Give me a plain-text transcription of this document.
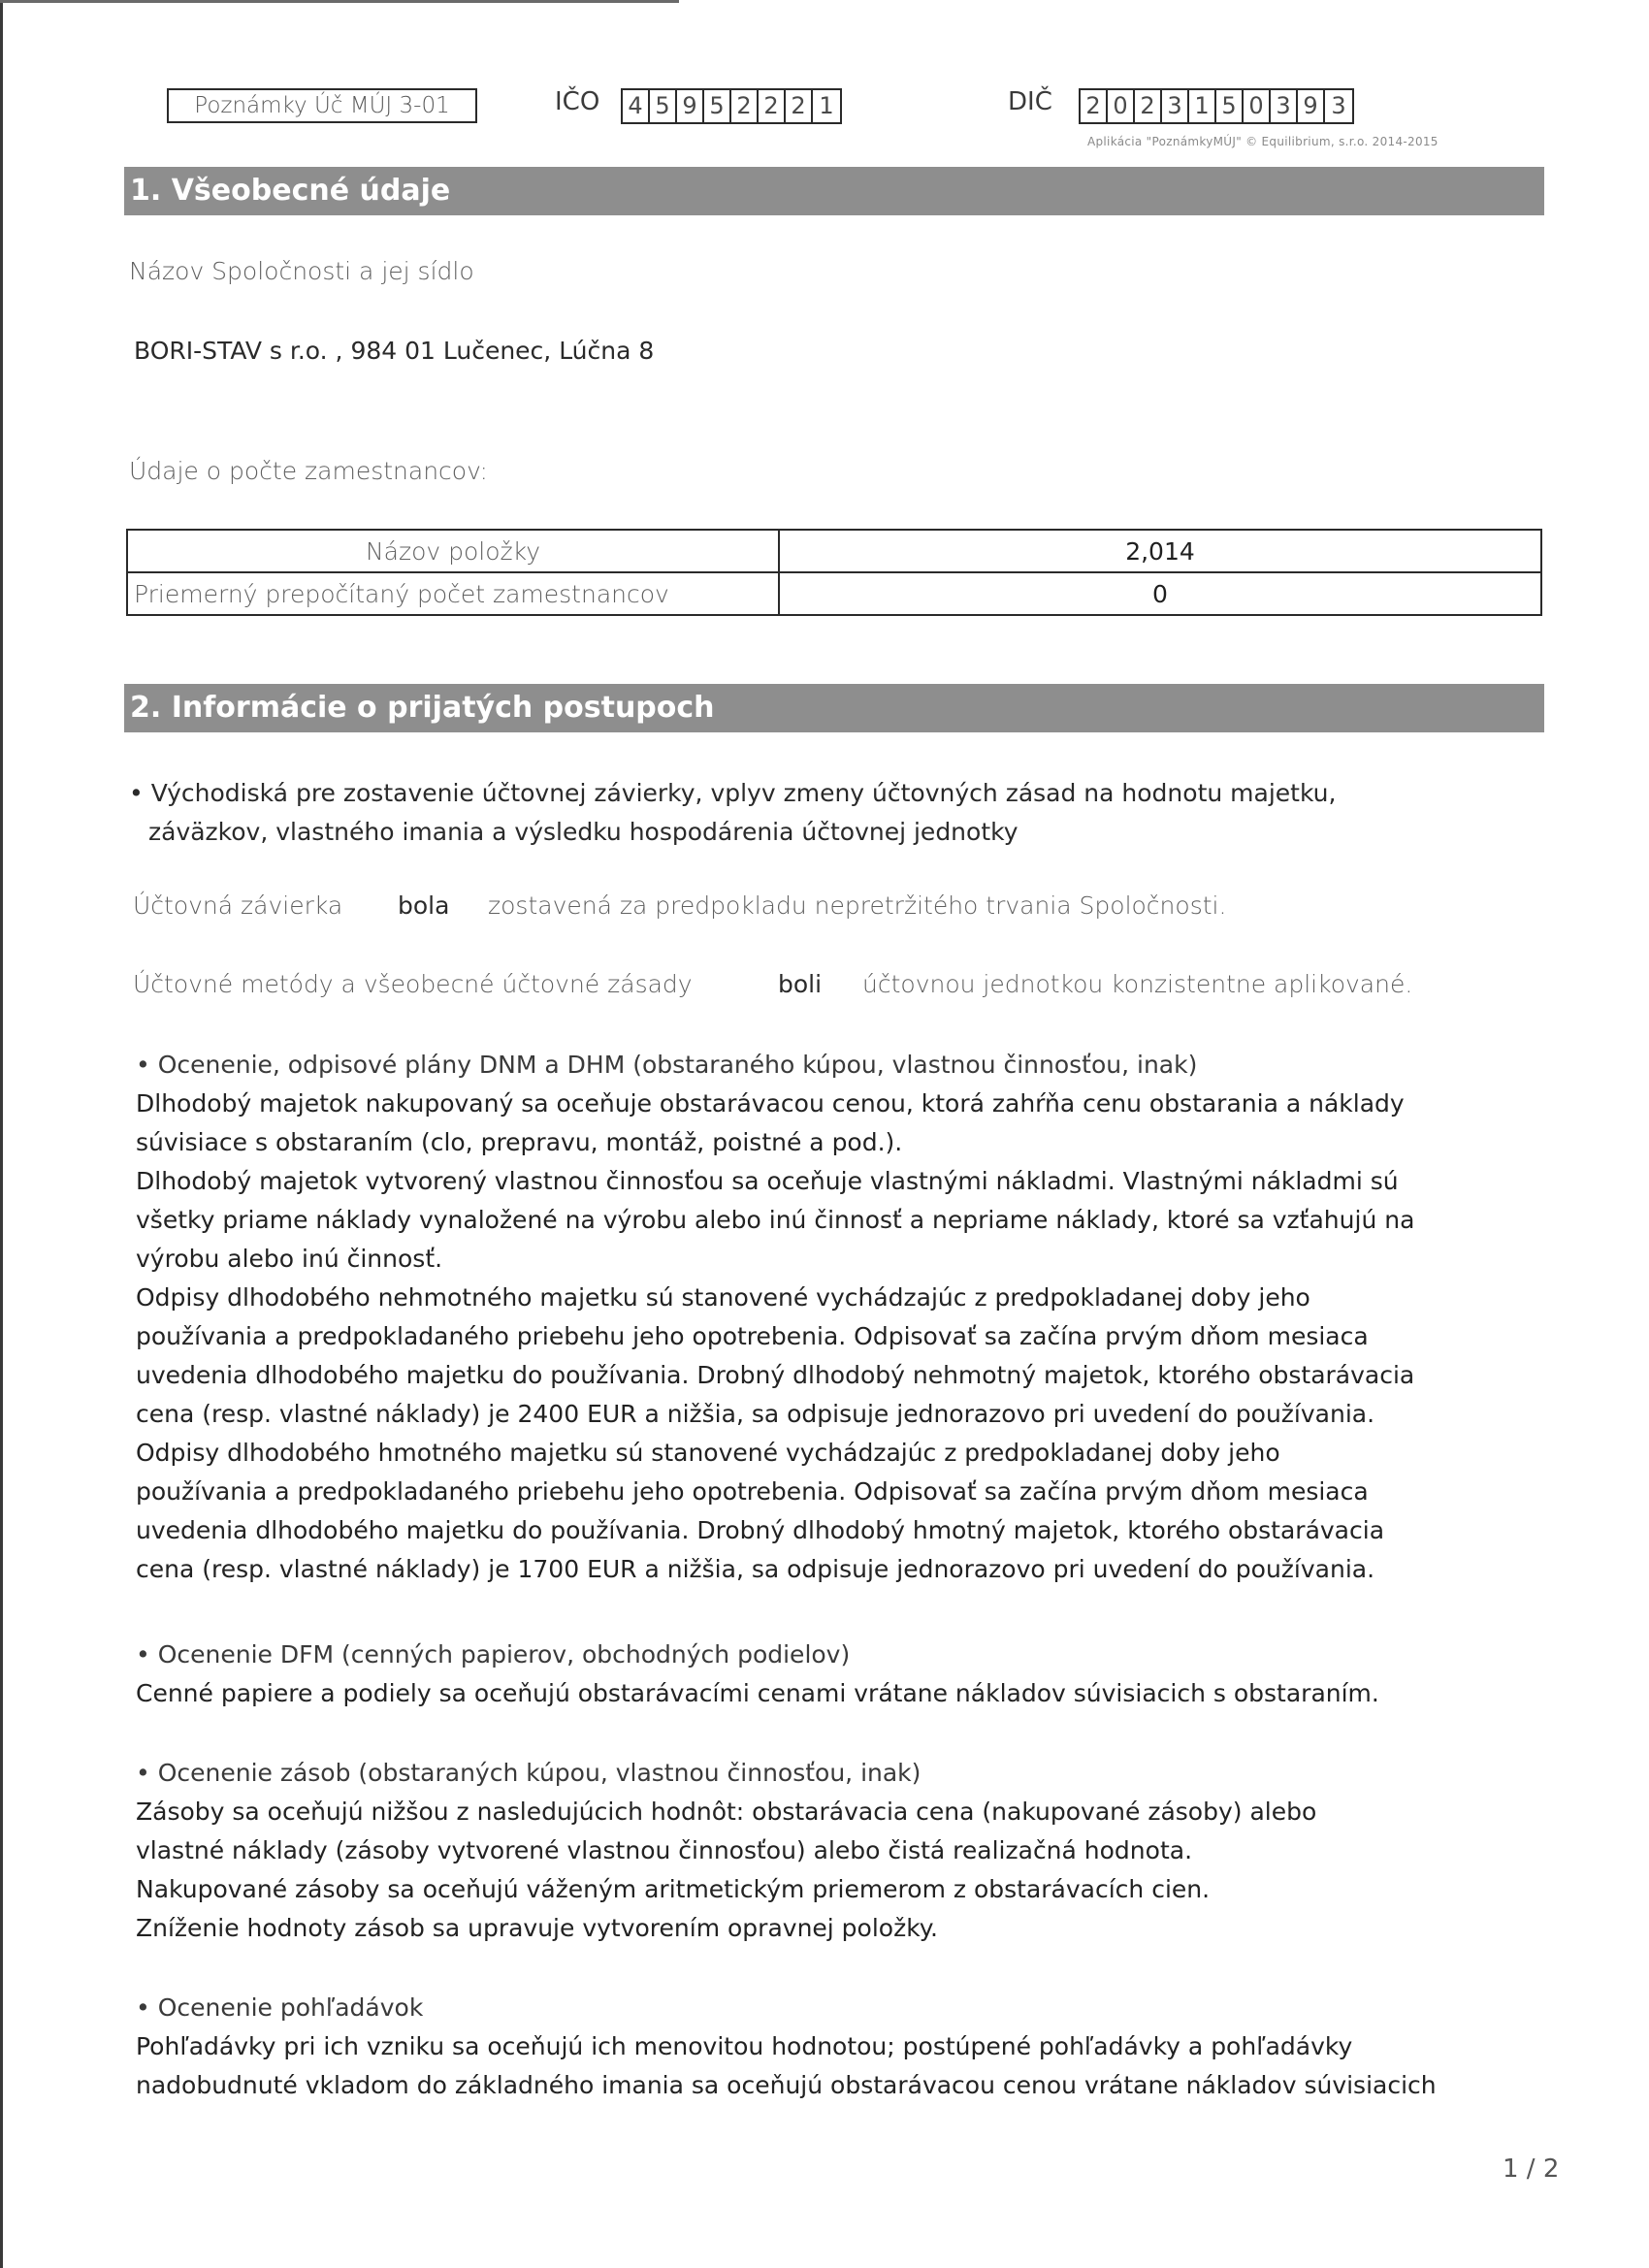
Poznámky Úč MÚJ 3-01	IČO 4 5 9 5 2 2 2 1	DIČ 2 0 2 3 1 5 0 3 9 3
Aplikácia "PoznámkyMÚJ" © Equilibrium, s.r.o. 2014-2015
1. Všeobecné údaje
Názov Spoločnosti a jej sídlo
BORI-STAV s r.o. , 984 01 Lučenec, Lúčna 8
Údaje o počte zamestnancov:
Názov položky	2,014
Priemerný prepočítaný počet zamestnancov	0
2. Informácie o prijatých postupoch
• Východiská pre zostavenie účtovnej závierky, vplyv zmeny účtovných zásad na hodnotu majetku,
záväzkov, vlastného imania a výsledku hospodárenia účtovnej jednotky
Účtovná závierka bola zostavená za predpokladu nepretržitého trvania Spoločnosti.
Účtovné metódy a všeobecné účtovné zásady	boli účtovnou jednotkou konzistentne aplikované.
• Ocenenie, odpisové plány DNM a DHM (obstaraného kúpou, vlastnou činnosťou, inak)
Dlhodobý majetok nakupovaný sa oceňuje obstarávacou cenou, ktorá zahŕňa cenu obstarania a náklady
súvisiace s obstaraním (clo, prepravu, montáž, poistné a pod.).
Dlhodobý majetok vytvorený vlastnou činnosťou sa oceňuje vlastnými nákladmi. Vlastnými nákladmi sú
všetky priame náklady vynaložené na výrobu alebo inú činnosť a nepriame náklady, ktoré sa vzťahujú na
výrobu alebo inú činnosť.
Odpisy dlhodobého nehmotného majetku sú stanovené vychádzajúc z predpokladanej doby jeho
používania a predpokladaného priebehu jeho opotrebenia. Odpisovať sa začína prvým dňom mesiaca
uvedenia dlhodobého majetku do používania. Drobný dlhodobý nehmotný majetok, ktorého obstarávacia
cena (resp. vlastné náklady) je 2400 EUR a nižšia, sa odpisuje jednorazovo pri uvedení do používania.
Odpisy dlhodobého hmotného majetku sú stanovené vychádzajúc z predpokladanej doby jeho
používania a predpokladaného priebehu jeho opotrebenia. Odpisovať sa začína prvým dňom mesiaca
uvedenia dlhodobého majetku do používania. Drobný dlhodobý hmotný majetok, ktorého obstarávacia
cena (resp. vlastné náklady) je 1700 EUR a nižšia, sa odpisuje jednorazovo pri uvedení do používania.
• Ocenenie DFM (cenných papierov, obchodných podielov)
Cenné papiere a podiely sa oceňujú obstarávacími cenami vrátane nákladov súvisiacich s obstaraním.
• Ocenenie zásob (obstaraných kúpou, vlastnou činnosťou, inak)
Zásoby sa oceňujú nižšou z nasledujúcich hodnôt: obstarávacia cena (nakupované zásoby) alebo
vlastné náklady (zásoby vytvorené vlastnou činnosťou) alebo čistá realizačná hodnota.
Nakupované zásoby sa oceňujú váženým aritmetickým priemerom z obstarávacích cien.
Zníženie hodnoty zásob sa upravuje vytvorením opravnej položky.
• Ocenenie pohľadávok
Pohľadávky pri ich vzniku sa oceňujú ich menovitou hodnotou; postúpené pohľadávky a pohľadávky
nadobudnuté vkladom do základného imania sa oceňujú obstarávacou cenou vrátane nákladov súvisiacich
1 / 2
